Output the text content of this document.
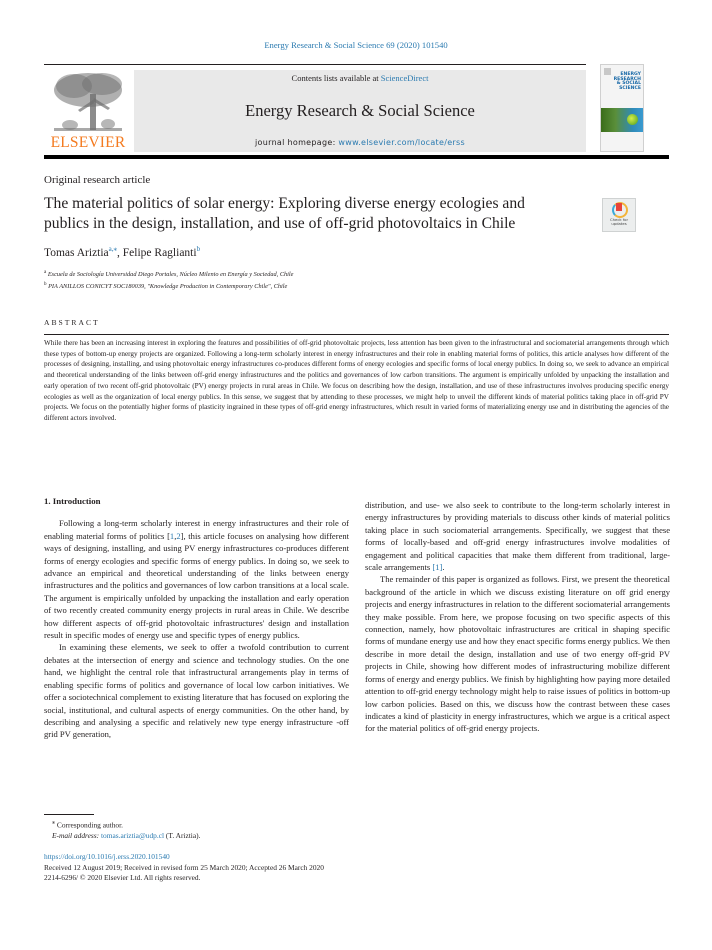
Energy Research & Social Science 69 (2020) 101540
ELSEVIER
Contents lists available at ScienceDirect
Energy Research & Social Science
journal homepage: www.elsevier.com/locate/erss
ENERGY
RESEARCH
& SOCIAL
SCIENCE
Original research article
The material politics of solar energy: Exploring diverse energy ecologies and
publics in the design, installation, and use of off-grid photovoltaics in Chile	Check for
updates
Tomas Ariztia$^{a,⁎}$, Felipe Raglianti$^b$
$^a$ Escuela de Sociología Universidad Diego Portales, Núcleo Milenio en Energía y Sociedad, Chile
$^b$ PIA ANILLOS CONICYT SOC180039, "Knowledge Production in Contemporary Chile", Chile
ABSTRACT

While there has been an increasing interest in exploring the features and possibilities of off-grid photovoltaic projects, less attention has been given to the infrastructural and sociomaterial arrangements through which these types of bottom-up energy projects are organized. Following a long-term scholarly interest in energy infrastructures and their role in enabling material forms of politics, this article analyses how different of the processes of designing, installing, and using photovoltaic energy infrastructures co-produces different forms of energy ecologies and specific forms of local energy publics. In doing so, we seek to advance an empirical and theoretical understanding of the links between off-grid energy infrastructures and the politics and governances of low carbon transitions. The argument is empirically unfolded by unpacking the installation and early operation of two recent off-grid photovoltaic (PV) energy projects in rural areas in Chile. We focus on describing how the design, installation, and use of these infrastructures involves producing specific energy ecologies as well as the organization of local energy publics. In this sense, we suggest that by attending to these processes, we might help to unveil the different kinds of material politics taking place in off-grid PV projects. We focus on the potentially higher forms of plasticity ingrained in these types of off-grid energy infrastructures, which result in varied forms of materializing energy use and in distributing the agencies of the different actors involved.

1. Introduction

Following a long-term scholarly interest in energy infrastructures and their role of enabling material forms of politics [1,2], this article focuses on analysing how different ways of designing, installing, and using PV energy infrastructures co-produces different forms of energy ecologies and specific forms of energy publics. In doing so, we seek to advance an empirical and theoretical understanding of the links between energy infrastructures and the politics and governances of low carbon transitions at a local scale. The argument is empirically unfolded by unpacking the installation and early operation of two recently created community energy projects in rural areas in Chile. We describe how different aspects of off-grid photovoltaic infrastructures' design and installation result in specific modes of energy use and specific types of energy publics.

In examining these elements, we seek to offer a twofold contribution to current debates at the intersection of energy and science and technology studies. On the one hand, we highlight the central role that infrastructural arrangements play in terms of enabling specific forms of politics and governance of local low carbon initiatives. We offer a sociotechnical complement to existing literature that has focused on exploring the social, institutional, and cultural aspects of energy communities. On the other hand, by describing and analysing a specific and relatively new type energy infrastructure -off grid PV generation,

distribution, and use- we also seek to contribute to the long-term scholarly interest in energy infrastructures by providing materials to discuss other kinds of material politics taking place in such sociomaterial arrangements. Specifically, we suggest that these forms of locally-based and off-grid energy infrastructures involve modalities of engagement and political capacities that make them different from traditional, large-scale arrangements [1].

The remainder of this paper is organized as follows. First, we present the theoretical background of the article in which we discuss existing literature on off grid energy projects and energy infrastructures in relation to the different sociomaterial arrangements they make possible. From here, we propose focusing on two specific aspects of this connection, namely, how photovoltaic infrastructures are critical in shaping specific forms of mundane energy use and how they enact specific forms energy publics. We then describe in more detail the design, installation and use of two energy off-grid PV projects in Chile, showing how different modes of infrastructuring mobilize different forms of energy and energy publics. We finish by highlighting how paying more detailed attention to off-grid energy technology might help to raise issues of politics in bottom-up low carbon policies. Based on this, we discuss how the contrast between these cases indicates a kind of plasticity in energy infrastructures, which we argue is a critical aspect for the material politics of off-grid energy projects.

⁎ Corresponding author.
E-mail address: tomas.ariztia@udp.cl (T. Ariztia).
https://doi.org/10.1016/j.erss.2020.101540
Received 12 August 2019; Received in revised form 25 March 2020; Accepted 26 March 2020
2214-6296/ © 2020 Elsevier Ltd. All rights reserved.
